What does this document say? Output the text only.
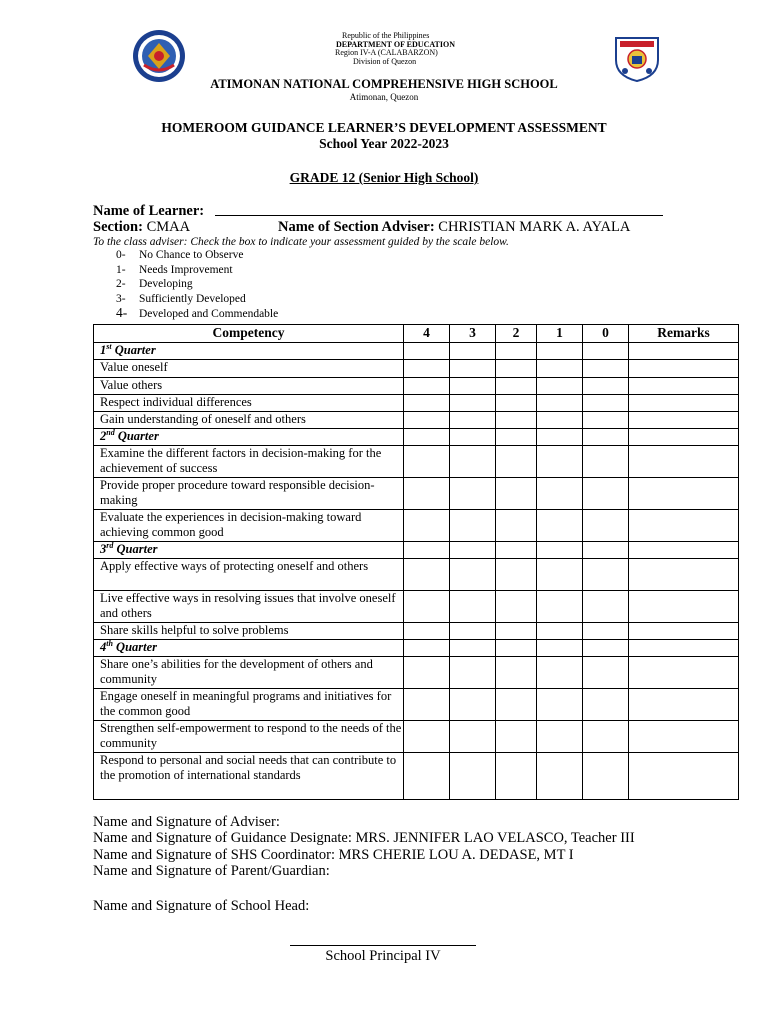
Republic of the Philippines
DEPARTMENT OF EDUCATION
Region IV-A (CALABARZON)
Division of Quezon
ATIMONAN NATIONAL COMPREHENSIVE HIGH SCHOOL
Atimonan, Quezon
HOMEROOM GUIDANCE LEARNER’S DEVELOPMENT ASSESSMENT
School Year 2022-2023
GRADE 12 (Senior High School)
Name of Learner:
Section: CMAA	Name of Section Adviser: CHRISTIAN MARK A. AYALA
To the class adviser: Check the box to indicate your assessment guided by the scale below.
0- No Chance to Observe
1- Needs Improvement
2- Developing
3- Sufficiently Developed
4- Developed and Commendable
Competency	4	3	2	1	0	Remarks
1st Quarter						
Value oneself						
Value others						
Respect individual differences						
Gain understanding of oneself and others						
2nd Quarter						
Examine the different factors in decision-making for the achievement of success						
Provide proper procedure toward responsible decision-making						
Evaluate the experiences in decision-making toward achieving common good						
3rd Quarter						
Apply effective ways of protecting oneself and others						
Live effective ways in resolving issues that involve oneself and others						
Share skills helpful to solve problems						
4th Quarter						
Share one’s abilities for the development of others and community						
Engage oneself in meaningful programs and initiatives for the common good						
Strengthen self-empowerment to respond to the needs of the community						
Respond to personal and social needs that can contribute to the promotion of international standards						
Name and Signature of Adviser:
Name and Signature of Guidance Designate: MRS. JENNIFER LAO VELASCO, Teacher III
Name and Signature of SHS Coordinator: MRS CHERIE LOU A. DEDASE, MT I
Name and Signature of Parent/Guardian:
Name and Signature of School Head:
School Principal IV
